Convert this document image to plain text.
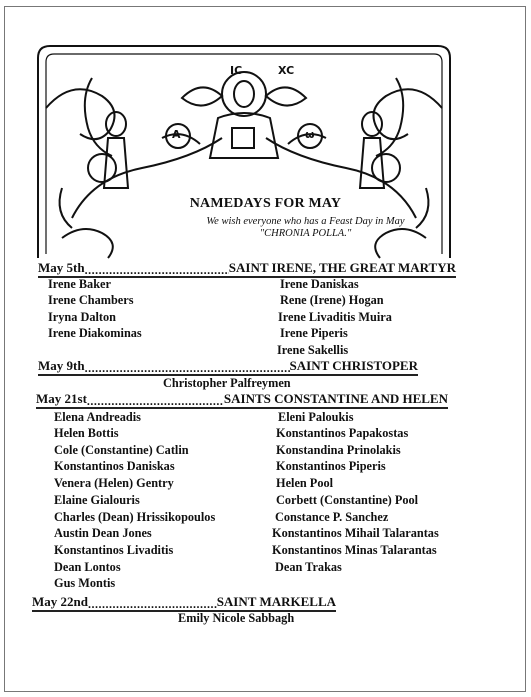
IC	XC
A	ω
NAMEDAYS FOR MAY
We wish everyone who has a Feast Day in May
"CHRONIA POLLA."
May 5th .....	SAINT IRENE, THE GREAT MARTYR
Irene Baker
Irene Chambers
Iryna Dalton
Irene Diakominas
Irene Daniskas
Rene (Irene) Hogan
Irene Livaditis Muira
Irene Piperis
Irene Sakellis
May 9th .....	SAINT CHRISTOPER
Christopher Palfreymen
May 21st .....	SAINTS CONSTANTINE AND HELEN
Elena Andreadis
Helen Bottis
Cole (Constantine) Catlin
Konstantinos Daniskas
Venera (Helen) Gentry
Elaine Gialouris
Charles (Dean) Hrissikopoulos
Austin Dean Jones
Konstantinos Livaditis
Dean Lontos
Gus Montis
Eleni Paloukis
Konstantinos Papakostas
Konstandina Prinolakis
Konstantinos Piperis
Helen Pool
Corbett (Constantine) Pool
Constance P. Sanchez
Konstantinos Mihail Talarantas
Konstantinos Minas Talarantas
Dean Trakas
May 22nd .....	SAINT MARKELLA
Emily Nicole Sabbagh
